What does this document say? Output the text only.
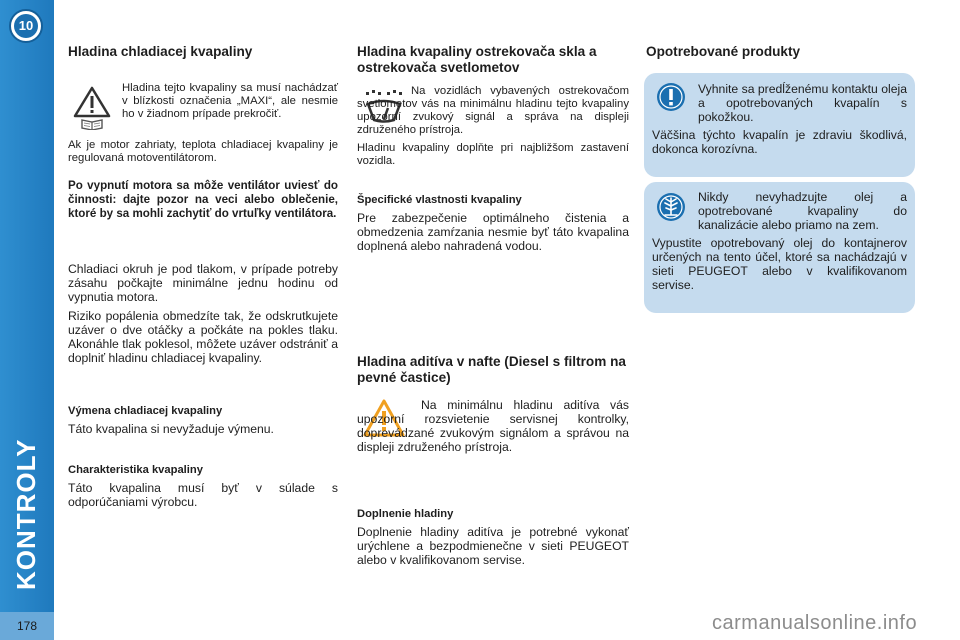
10
KONTROLY
178
Hladina chladiacej kvapaliny

Hladina tejto kvapaliny sa musí nachádzať v blízkosti označenia „MAXI“, ale nesmie ho v žiadnom prípade prekročiť.

Ak je motor zahriaty, teplota chladiacej kvapaliny je regulovaná motoventilátorom.

Po vypnutí motora sa môže ventilátor uviesť do činnosti: dajte pozor na veci alebo oblečenie, ktoré by sa mohli zachytiť do vrtuľky ventilátora.

Chladiaci okruh je pod tlakom, v prípade potreby zásahu počkajte minimálne jednu hodinu od vypnutia motora.

Riziko popálenia obmedzíte tak, že odskrutkujete uzáver o dve otáčky a počkáte na pokles tlaku. Akonáhle tlak poklesol, môžete uzáver odstrániť a doplniť hladinu chladiacej kvapaliny.

Výmena chladiacej kvapaliny

Táto kvapalina si nevyžaduje výmenu.

Charakteristika kvapaliny

Táto kvapalina musí byť v súlade s odporúčaniami výrobcu.

Hladina kvapaliny ostrekovača skla a ostrekovača svetlometov

Na vozidlách vybavených ostrekovačom svetlometov vás na minimálnu hladinu tejto kvapaliny upozorní zvukový signál a správa na displeji združeného prístroja.

Hladinu kvapaliny doplňte pri najbližšom zastavení vozidla.

Špecifické vlastnosti kvapaliny

Pre zabezpečenie optimálneho čistenia a obmedzenia zamŕzania nesmie byť táto kvapalina doplnená alebo nahradená vodou.

Hladina aditíva v nafte (Diesel s filtrom na pevné častice)

Na minimálnu hladinu aditíva vás upozorní rozsvietenie servisnej kontrolky, doprevádzané zvukovým signálom a správou na displeji združeného prístroja.

Doplnenie hladiny

Doplnenie hladiny aditíva je potrebné vykonať urýchlene a bezpodmienečne v sieti PEUGEOT alebo v kvalifikovanom servise.

Opotrebované produkty

Vyhnite sa predĺženému kontaktu oleja a opotrebovaných kvapalín s pokožkou.

Väčšina týchto kvapalín je zdraviu škodlivá, dokonca korozívna.

Nikdy nevyhadzujte olej a opotrebované kvapaliny do kanalizácie alebo priamo na zem.

Vypustite opotrebovaný olej do kontajnerov určených na tento účel, ktoré sa nachádzajú v sieti PEUGEOT alebo v kvalifikovanom servise.

carmanualsonline.info
